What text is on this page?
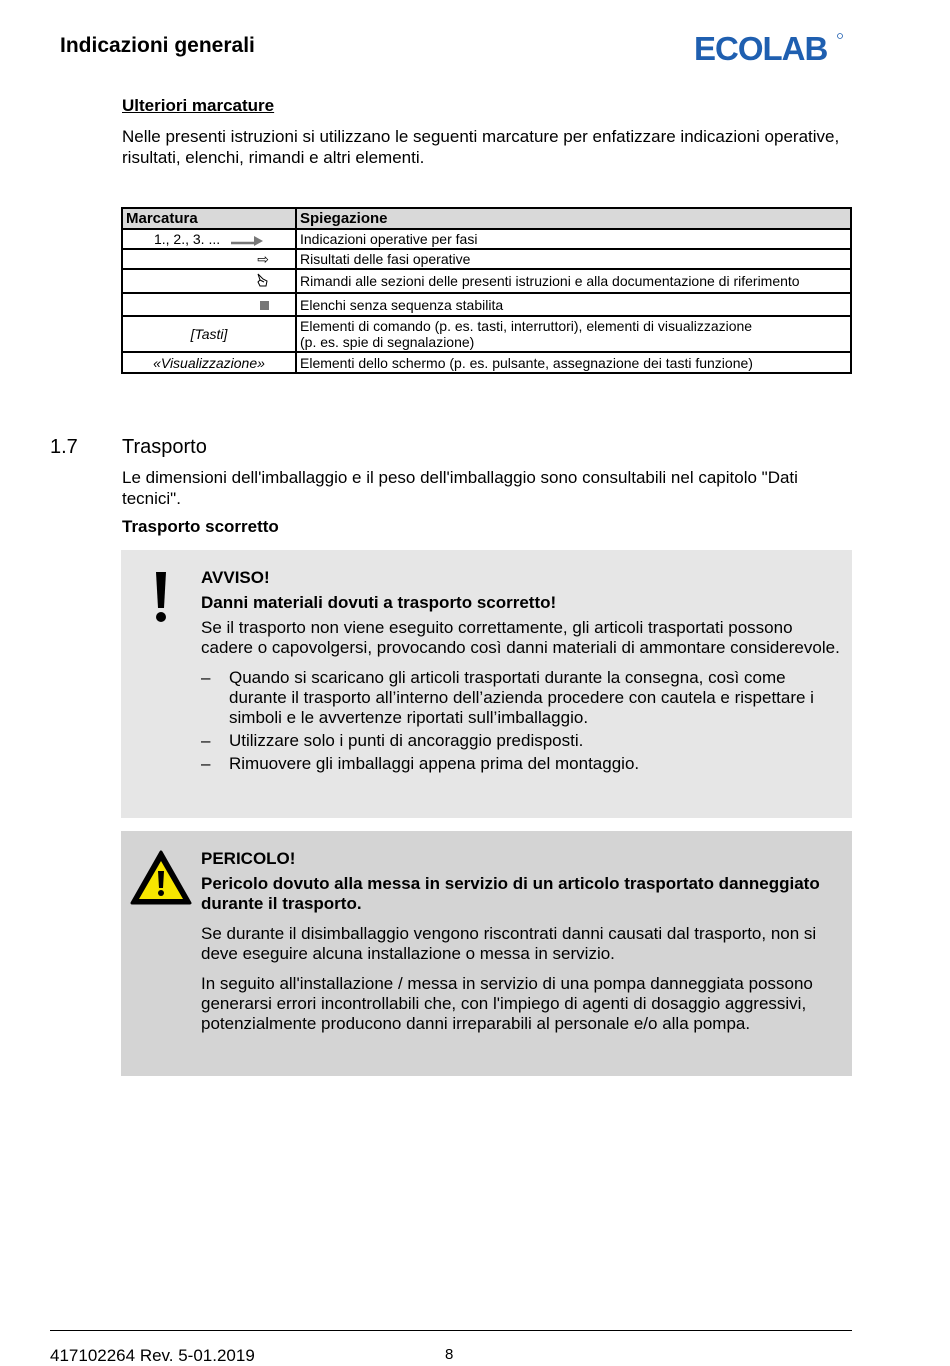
Indicazioni generali	ECOLAB
Ulteriori marcature
Nelle presenti istruzioni si utilizzano le seguenti marcature per enfatizzare indicazioni operative, risultati, elenchi, rimandi e altri elementi.
Marcatura	Spiegazione
1., 2., 3. ...	Indicazioni operative per fasi
⇨	Risultati delle fasi operative
	Rimandi alle sezioni delle presenti istruzioni e alla documentazione di riferimento
	Elenchi senza sequenza stabilita
[Tasti]	Elementi di comando (p. es. tasti, interruttori), elementi di visualizzazione
(p. es. spie di segnalazione)

«Visualizzazione»	Elementi dello schermo (p. es. pulsante, assegnazione dei tasti funzione)
1.7 Trasporto
Le dimensioni dell'imballaggio e il peso dell'imballaggio sono consultabili nel capitolo "Dati tecnici".
Trasporto scorretto
AVVISO!
Danni materiali dovuti a trasporto scorretto!

Se il trasporto non viene eseguito correttamente, gli articoli trasportati possono cadere o capovolgersi, provocando così danni materiali di ammontare considerevole.

– Quando si scaricano gli articoli trasportati durante la consegna, così come durante il trasporto all’interno dell’azienda procedere con cautela e rispettare i simboli e le avvertenze riportati sull’imballaggio.
– Utilizzare solo i punti di ancoraggio predisposti.
– Rimuovere gli imballaggi appena prima del montaggio.
PERICOLO!
Pericolo dovuto alla messa in servizio di un articolo trasportato danneggiato durante il trasporto.

Se durante il disimballaggio vengono riscontrati danni causati dal trasporto, non si deve eseguire alcuna installazione o messa in servizio.

In seguito all'installazione / messa in servizio di una pompa danneggiata possono generarsi errori incontrollabili che, con l'impiego di agenti di dosaggio aggressivi, potenzialmente producono danni irreparabili al personale e/o alla pompa.

417102264 Rev. 5-01.2019	8
